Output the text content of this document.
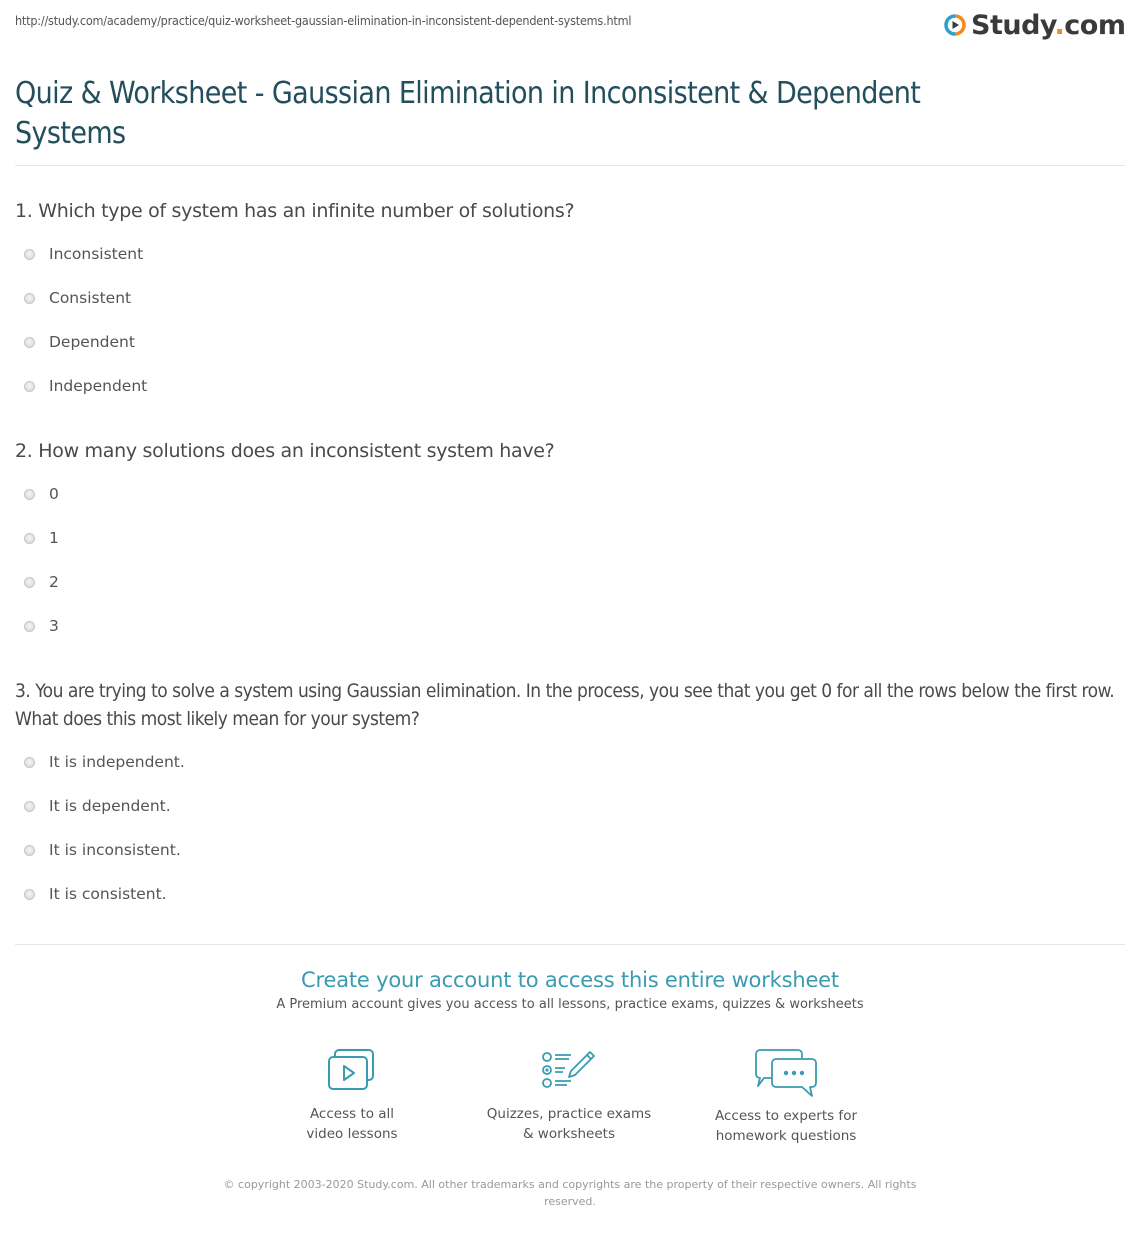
http://study.com/academy/practice/quiz-worksheet-gaussian-elimination-in-inconsistent-dependent-systems.html	Study.com
Quiz & Worksheet - Gaussian Elimination in Inconsistent & Dependent Systems

1. Which type of system has an infinite number of solutions?

Inconsistent
Consistent
Dependent
Independent

2. How many solutions does an inconsistent system have?

0
1
2
3

3. You are trying to solve a system using Gaussian elimination. In the process, you see that you get 0 for all the rows below the first row. What does this most likely mean for your system?

It is independent.
It is dependent.
It is inconsistent.
It is consistent.
Create your account to access this entire worksheet
A Premium account gives you access to all lessons, practice exams, quizzes & worksheets
Access to all
video lessons
Quizzes, practice exams
& worksheets
Access to experts for
homework questions
© copyright 2003-2020 Study.com. All other trademarks and copyrights are the property of their respective owners. All rights reserved.
